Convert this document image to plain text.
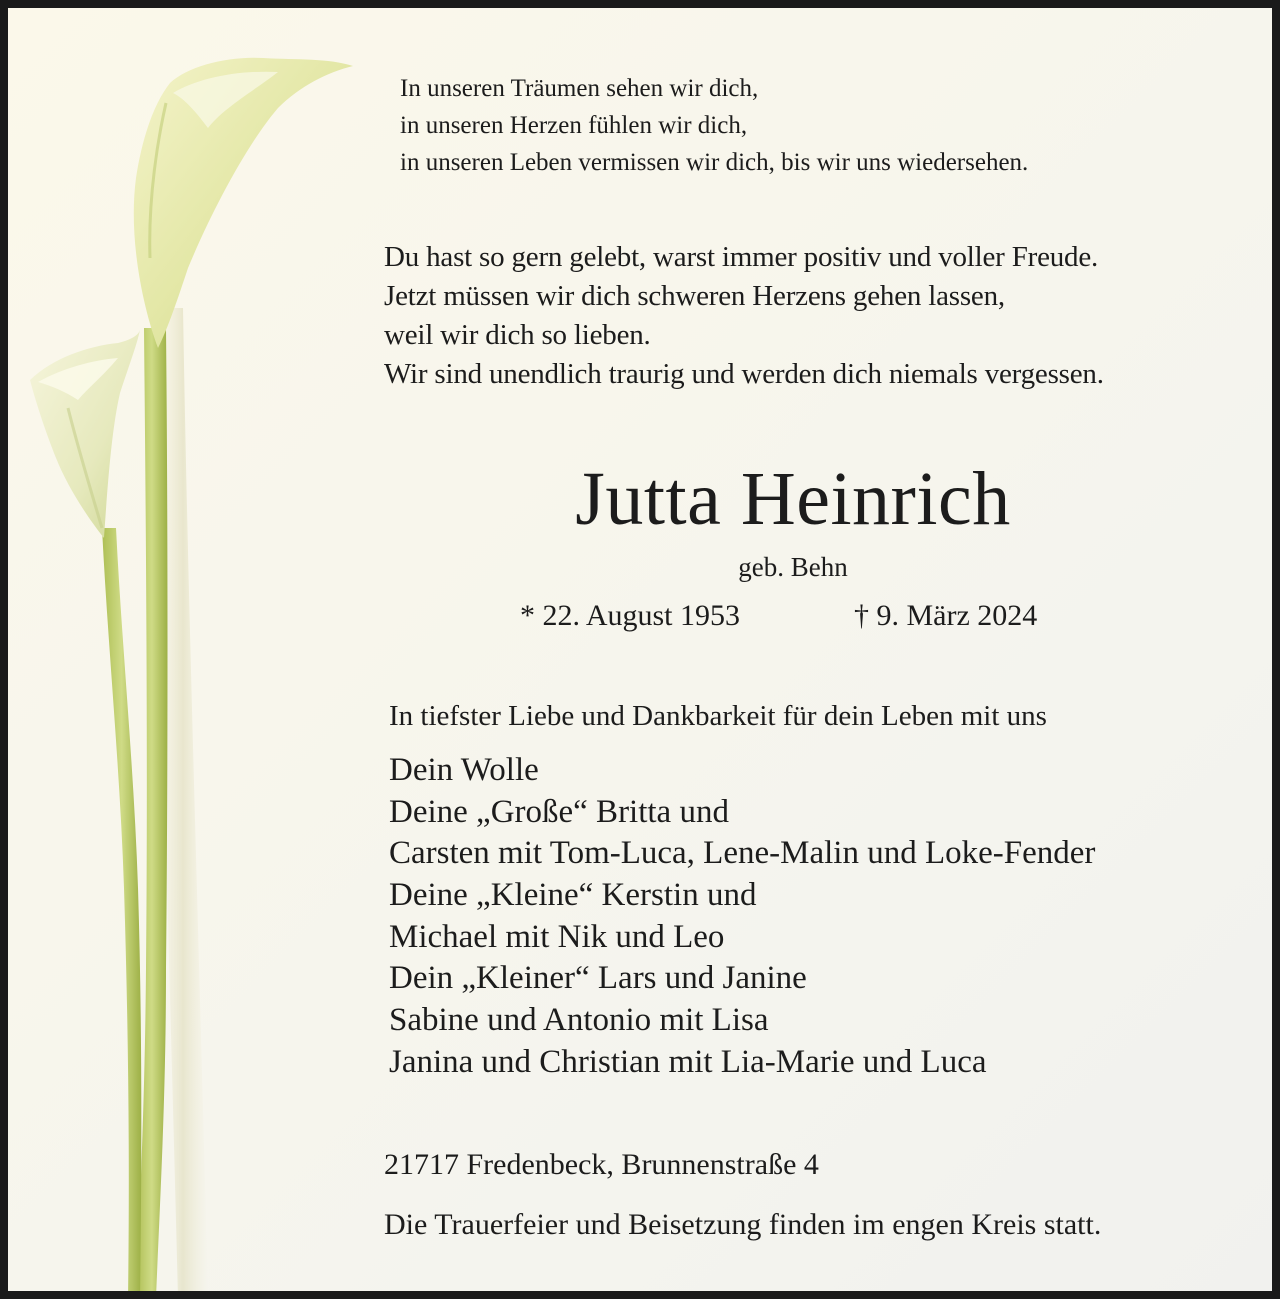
In unseren Träumen sehen wir dich,
in unseren Herzen fühlen wir dich,
in unseren Leben vermissen wir dich, bis wir uns wiedersehen.
Du hast so gern gelebt, warst immer positiv und voller Freude.
Jetzt müssen wir dich schweren Herzens gehen lassen,
weil wir dich so lieben.
Wir sind unendlich traurig und werden dich niemals vergessen.
Jutta Heinrich
geb. Behn
* 22. August 1953	† 9. März 2024
In tiefster Liebe und Dankbarkeit für dein Leben mit uns
Dein Wolle
Deine „Große“ Britta und
Carsten mit Tom-Luca, Lene-Malin und Loke-Fender
Deine „Kleine“ Kerstin und
Michael mit Nik und Leo
Dein „Kleiner“ Lars und Janine
Sabine und Antonio mit Lisa
Janina und Christian mit Lia-Marie und Luca
21717 Fredenbeck, Brunnenstraße 4
Die Trauerfeier und Beisetzung finden im engen Kreis statt.
